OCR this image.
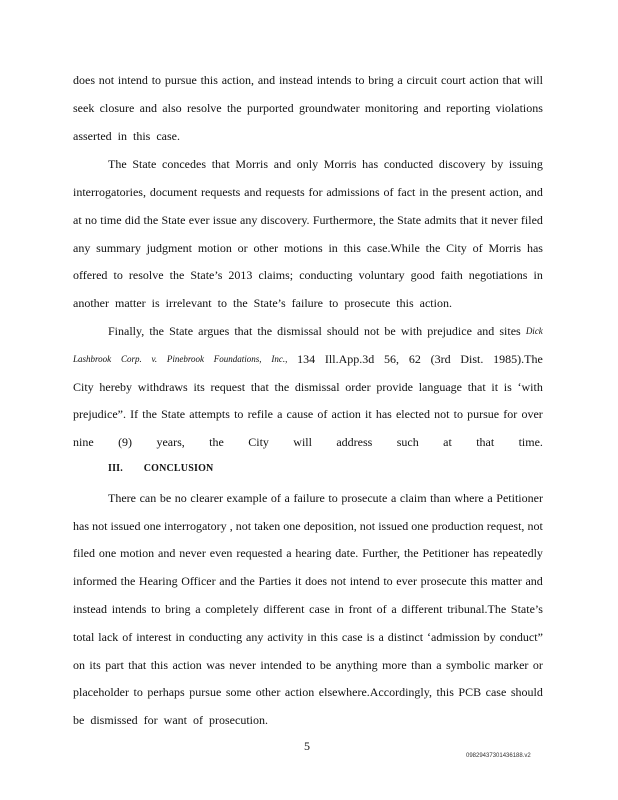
does not intend to pursue this action, and instead intends to bring a circuit court action that will
seek closure and also resolve the purported groundwater monitoring and reporting violations
asserted in this case.
The State concedes that Morris and only Morris has conducted discovery by issuing
interrogatories, document requests and requests for admissions of fact in the present action, and
at no time did the State ever issue any discovery. Furthermore, the State admits that it never filed
any summary judgment motion or other motions in this case.While the City of Morris has
offered to resolve the State’s 2013 claims; conducting voluntary good faith negotiations in
another matter is irrelevant to the State’s failure to prosecute this action.
Finally, the State argues that the dismissal should not be with prejudice and sites Dick
Lashbrook Corp. v. Pinebrook Foundations, Inc., 134 Ill.App.3d 56, 62 (3rd Dist. 1985).The
City hereby withdraws its request that the dismissal order provide language that it is ‘with
prejudice”. If the State attempts to refile a cause of action it has elected not to pursue for over
nine (9) years, the City will address such at that time.
III. CONCLUSION
There can be no clearer example of a failure to prosecute a claim than where a Petitioner
has not issued one interrogatory , not taken one deposition, not issued one production request, not
filed one motion and never even requested a hearing date. Further, the Petitioner has repeatedly
informed the Hearing Officer and the Parties it does not intend to ever prosecute this matter and
instead intends to bring a completely different case in front of a different tribunal.The State’s
total lack of interest in conducting any activity in this case is a distinct ‘admission by conduct”
on its part that this action was never intended to be anything more than a symbolic marker or
placeholder to perhaps pursue some other action elsewhere.Accordingly, this PCB case should
be dismissed for want of prosecution.
5
09829437301436188.v2
